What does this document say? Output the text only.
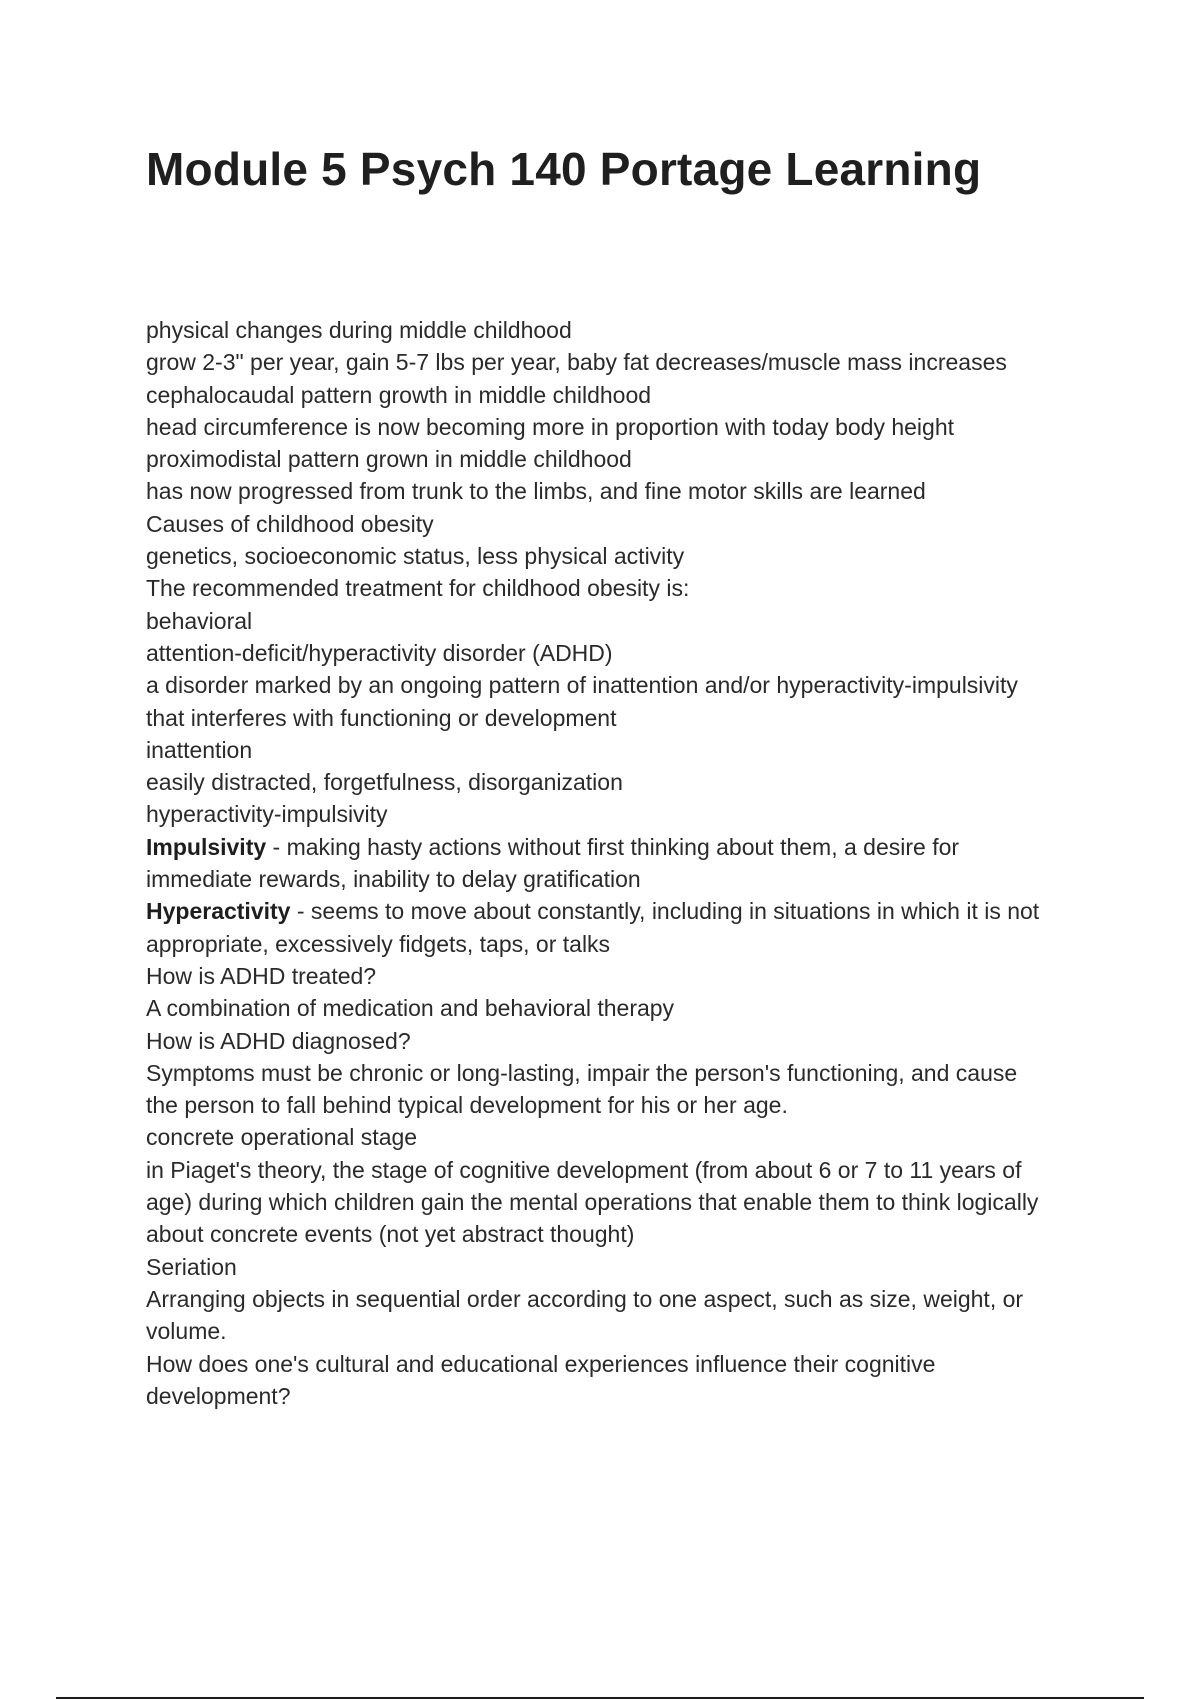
Module 5 Psych 140 Portage Learning
physical changes during middle childhood
grow 2-3" per year, gain 5-7 lbs per year, baby fat decreases/muscle mass increases
cephalocaudal pattern growth in middle childhood
head circumference is now becoming more in proportion with today body height
proximodistal pattern grown in middle childhood
has now progressed from trunk to the limbs, and fine motor skills are learned
Causes of childhood obesity
genetics, socioeconomic status, less physical activity
The recommended treatment for childhood obesity is:
behavioral
attention-deficit/hyperactivity disorder (ADHD)
a disorder marked by an ongoing pattern of inattention and/or hyperactivity-impulsivity
that interferes with functioning or development
inattention
easily distracted, forgetfulness, disorganization
hyperactivity-impulsivity
Impulsivity - making hasty actions without first thinking about them, a desire for
immediate rewards, inability to delay gratification
Hyperactivity - seems to move about constantly, including in situations in which it is not
appropriate, excessively fidgets, taps, or talks
How is ADHD treated?
A combination of medication and behavioral therapy
How is ADHD diagnosed?
Symptoms must be chronic or long-lasting, impair the person's functioning, and cause
the person to fall behind typical development for his or her age.
concrete operational stage
in Piaget's theory, the stage of cognitive development (from about 6 or 7 to 11 years of
age) during which children gain the mental operations that enable them to think logically
about concrete events (not yet abstract thought)
Seriation
Arranging objects in sequential order according to one aspect, such as size, weight, or
volume.
How does one's cultural and educational experiences influence their cognitive
development?
